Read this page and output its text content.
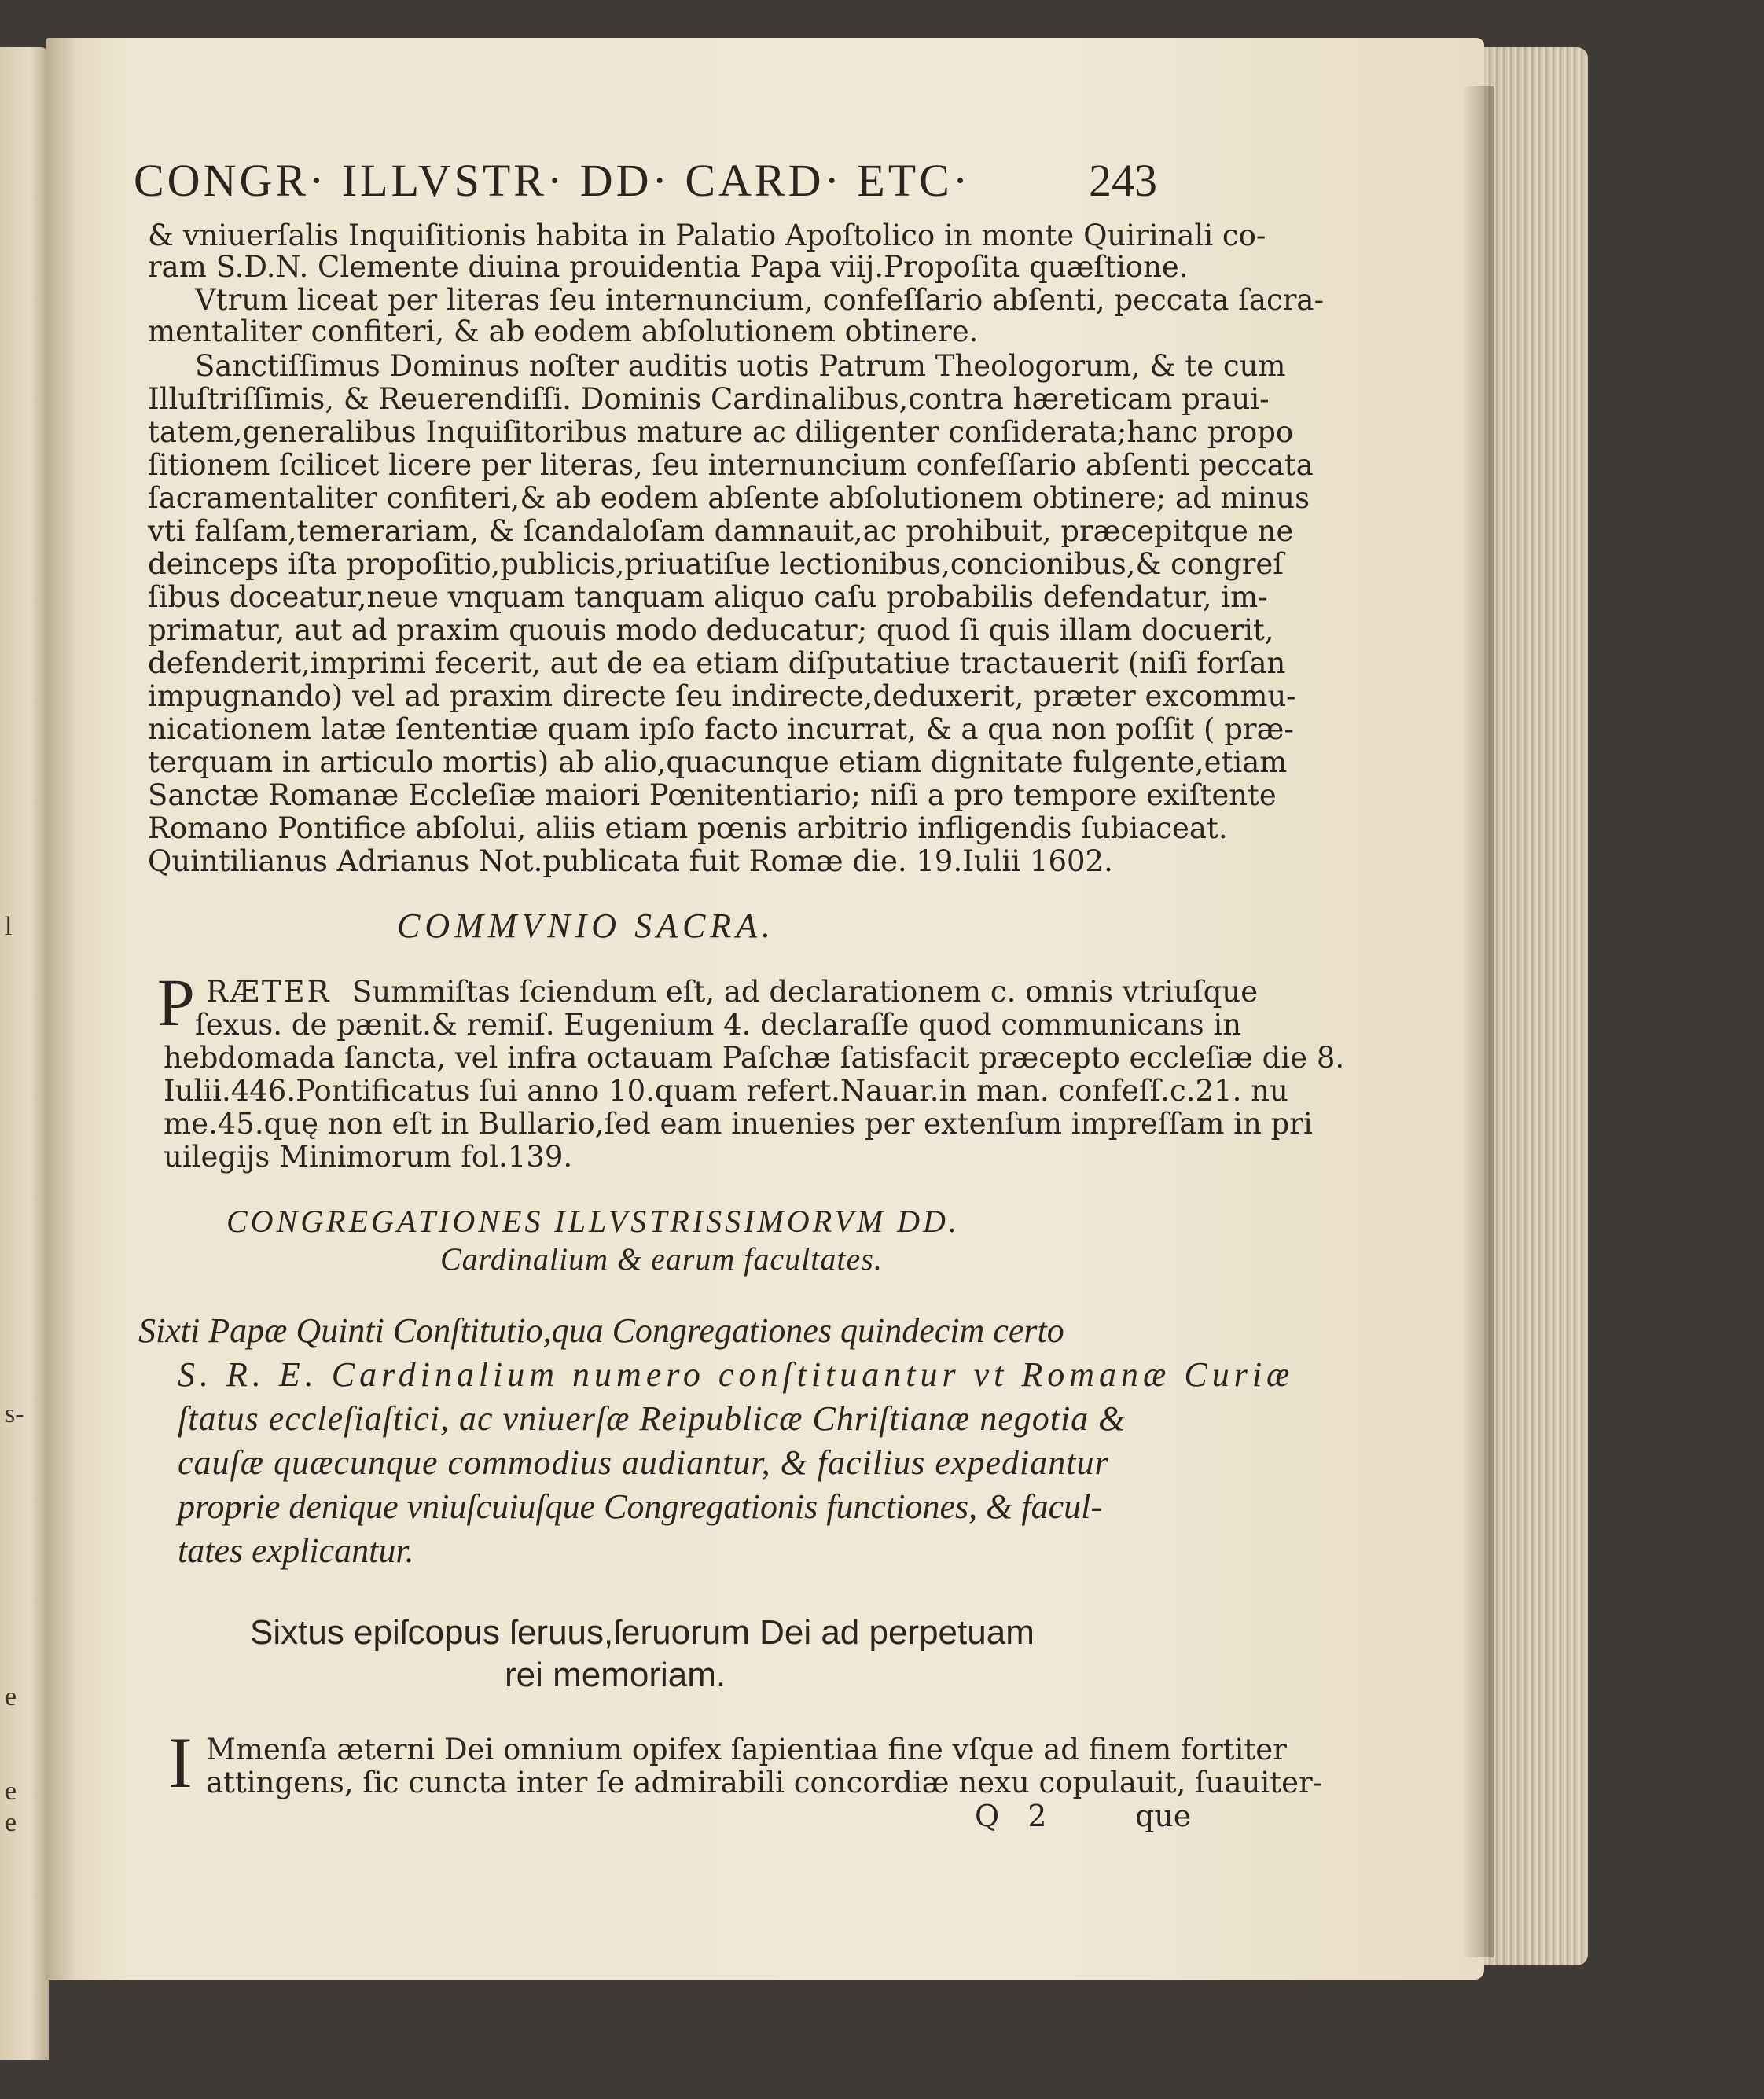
l
s-
e
e
e
CONGR· ILLVSTR· DD· CARD· ETC·	243
& vniuerſalis Inquiſitionis habita in Palatio Apoſtolico in monte Quirinali co-
ram S.D.N. Clemente diuina prouidentia Papa viij.Propoſita quæſtione.
Vtrum liceat per literas ſeu internuncium, confeſſario abſenti, peccata ſacra-
mentaliter confiteri, & ab eodem abſolutionem obtinere.
Sanctiſſimus Dominus noſter auditis uotis Patrum Theologorum, & te cum
Illuſtriſſimis, & Reuerendiſſi. Dominis Cardinalibus,contra hæreticam praui-
tatem,generalibus Inquiſitoribus mature ac diligenter conſiderata;hanc propo
ſitionem ſcilicet licere per literas, ſeu internuncium confeſſario abſenti peccata
ſacramentaliter confiteri,& ab eodem abſente abſolutionem obtinere; ad minus
vti falſam,temerariam, & ſcandaloſam damnauit,ac prohibuit, præcepitque ne
deinceps iſta propoſitio,publicis,priuatiſue lectionibus,concionibus,& congreſ
ſibus doceatur,neue vnquam tanquam aliquo caſu probabilis defendatur, im-
primatur, aut ad praxim quouis modo deducatur; quod ſi quis illam docuerit,
defenderit,imprimi fecerit, aut de ea etiam diſputatiue tractauerit (niſi forſan
impugnando) vel ad praxim directe ſeu indirecte,deduxerit, præter excommu-
nicationem latæ ſententiæ quam ipſo facto incurrat, & a qua non poſſit ( præ-
terquam in articulo mortis) ab alio,quacunque etiam dignitate fulgente,etiam
Sanctæ Romanæ Eccleſiæ maiori Pœnitentiario; niſi a pro tempore exiſtente
Romano Pontifice abſolui, aliis etiam pœnis arbitrio infligendis ſubiaceat.
Quintilianus Adrianus Not.publicata fuit Romæ die. 19.Iulii 1602.
COMMVNIO SACRA.
P RÆTER Summiſtas ſciendum eſt, ad declarationem c. omnis vtriuſque
ſexus. de pænit.& remiſ. Eugenium 4. declaraſſe quod communicans in
hebdomada ſancta, vel infra octauam Paſchæ ſatisfacit præcepto eccleſiæ die 8.
Iulii.446.Pontificatus ſui anno 10.quam refert.Nauar.in man. confeſſ.c.21. nu
me.45.quę non eſt in Bullario,ſed eam inuenies per extenſum impreſſam in pri
uilegijs Minimorum fol.139.
CONGREGATIONES ILLVSTRISSIMORVM DD.
Cardinalium & earum facultates.
Sixti Papæ Quinti Conſtitutio,qua Congregationes quindecim certo
S. R. E. Cardinalium numero conſtituantur vt Romanæ Curiæ
ſtatus eccleſiaſtici, ac vniuerſæ Reipublicæ Chriſtianæ negotia &
cauſæ quæcunque commodius audiantur, & facilius expediantur
proprie denique vniuſcuiuſque Congregationis functiones, & facul-
tates explicantur.
Sixtus epiſcopus ſeruus,ſeruorum Dei ad perpetuam
rei memoriam.
I Mmenſa æterni Dei omnium opifex ſapientiaa fine vſque ad finem fortiter
attingens, ſic cuncta inter ſe admirabili concordiæ nexu copulauit, ſuauiter-
Q 2	que
